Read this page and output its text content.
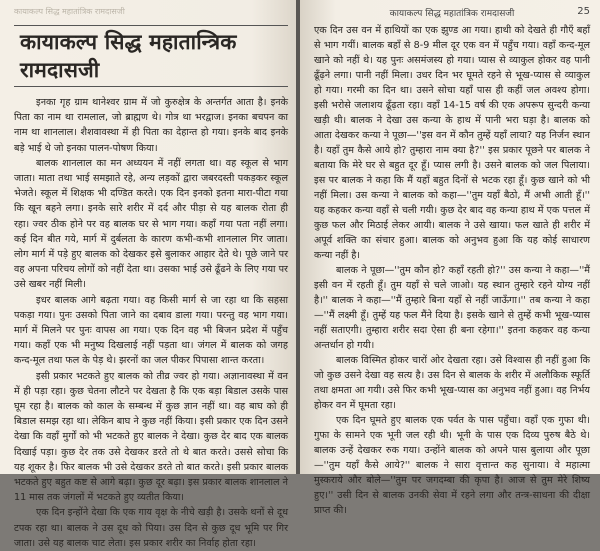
कायाकल्प सिद्ध महातांत्रिक रामदासजी
कायाकल्प सिद्ध महातान्त्रिक रामदासजी

इनका गृह ग्राम थानेश्वर ग्राम में जो कुरुक्षेत्र के अन्तर्गत आता है। इनके पिता का नाम था रामलाल, जो ब्राह्मण थे। गोत्र था भरद्वाज। इनका बचपन का नाम था शानलाल। शैशवावस्था में ही पिता का देहान्त हो गया। इनके बाद इनके बड़े भाई थे जो इनका पालन-पोषण किया।

बालक शानलाल का मन अध्ययन में नहीं लगता था। वह स्कूल से भाग जाता। माता तथा भाई समझाते रहे, अन्य लड़कों द्वारा जबरदस्ती पकड़कर स्कूल भेजते। स्कूल में शिक्षक भी दण्डित करते। एक दिन इनको इतना मारा-पीटा गया कि खून बहने लगा। इनके सारे शरीर में दर्द और पीड़ा से यह बालक रोता ही रहा। ज्वर ठीक होने पर वह बालक घर से भाग गया। कहाँ गया पता नहीं लगा। कई दिन बीत गये, मार्ग में दुर्बलता के कारण कभी-कभी शानलाल गिर जाता। लोग मार्ग में पड़े हुए बालक को देखकर इसे बुलाकर आहार देते थे। पूछे जाने पर वह अपना परिचय लोगों को नहीं देता था। उसका भाई उसे ढूँढने के लिए गया पर उसे खबर नहीं मिली।

इधर बालक आगे बढ़ता गया। वह किसी मार्ग से जा रहा था कि सहसा पकड़ा गया। पुनः उसको पिता जाने का दबाव डाला गया। परन्तु वह भाग गया। मार्ग में मिलने पर पुनः वापस आ गया। एक दिन वह भी बिजन प्रदेश में पहुँच गया। कहाँ एक भी मनुष्य दिखलाई नहीं पड़ता था। जंगल में बालक को जगह कन्द-मूल तथा फल के पेड़ थे। झरनों का जल पीकर पिपासा शान्त करता।

इसी प्रकार भटकते हुए बालक को तीव्र ज्वर हो गया। अज्ञानावस्था में वन में ही पड़ा रहा। कुछ चेतना लौटने पर देखता है कि एक बड़ा बिडाल उसके पास घूम रहा है। बालक को काल के सम्बन्ध में कुछ ज्ञान नहीं था। वह बाघ को ही बिडाल समझ रहा था। लेकिन बाघ ने कुछ नहीं किया। इसी प्रकार एक दिन उसने देखा कि वहाँ मुर्गों को भी भटकते हुए बालक ने देखा। कुछ देर बाद एक बालक दिखाई पड़ा। कुछ देर तक उसे देखकर डरते तो थे बात करते। उससे सोचा कि यह शूकर है। फिर बालक भी उसे देखकर डरते तो बात करते। इसी प्रकार बालक भटकते हुए बहुत कष्ट से आगे बढ़ा। कुछ दूर बढ़ा। इस प्रकार बालक शानलाल ने 11 मास तक जंगलों में भटकते हुए व्यतीत किया।

एक दिन इन्होंने देखा कि एक गाय वृक्ष के नीचे खड़ी है। उसके थनों से दूध टपक रहा था। बालक ने उस दूध को पिया। उस दिन से कुछ दूध भूमि पर गिर जाता। उसे यह बालक चाट लेता। इस प्रकार शरीर का निर्वाह होता रहा।

कायाकल्प सिद्ध महातांत्रिक रामदासजी	25

एक दिन उस वन में हाथियों का एक झुण्ड आ गया। हाथी को देखते ही गौएँ बहाँ से भाग गयीं। बालक बहाँ से 8-9 मील दूर एक वन में पहुँच गया। वहाँ कन्द-मूल खाने को नहीं थे। यह पुनः असमंजस्य हो गया। प्यास से व्याकुल होकर वह पानी ढूँढ़ने लगा। पानी नहीं मिला। उधर दिन भर घूमते रहने से भूख-प्यास से व्याकुल हो गया। गरमी का दिन था। उसने सोचा यहाँ पास ही कहीं जल अवश्य होगा। इसी भरोसे जलाशय ढूँढ़ता रहा। वहाँ 14-15 वर्ष की एक अपरूप सुन्दरी कन्या खड़ी थी। बालक ने देखा उस कन्या के हाथ में पानी भरा घड़ा है। बालक को आता देखकर कन्या ने पूछा—''इस वन में कौन तुम्हें यहाँ लाया? यह निर्जन स्थान है। यहाँ तुम कैसे आये हो? तुम्हारा नाम क्या है?'' इस प्रकार पूछने पर बालक ने बताया कि मेरे घर से बहुत दूर हूँ। प्यास लगी है। उसने बालक को जल पिलाया। इस पर बालक ने कहा कि मैं यहाँ बहुत दिनों से भटक रहा हूँ। कुछ खाने को भी नहीं मिला। उस कन्या ने बालक को कहा—''तुम यहाँ बैठो, मैं अभी आती हूँ।'' यह कहकर कन्या वहाँ से चली गयी। कुछ देर बाद वह कन्या हाथ में एक पत्तल में कुछ फल और मिठाई लेकर आयी। बालक ने उसे खाया। फल खाते ही शरीर में अपूर्व शक्ति का संचार हुआ। बालक को अनुभव हुआ कि यह कोई साधारण कन्या नहीं है।

बालक ने पूछा—''तुम कौन हो? कहाँ रहती हो?'' उस कन्या ने कहा—''मैं इसी वन में रहती हूँ। तुम यहाँ से चले जाओ। यह स्थान तुम्हारे रहने योग्य नहीं है।'' बालक ने कहा—''मैं तुम्हारे बिना यहाँ से नहीं जाऊँगा।'' तब कन्या ने कहा—''मैं लक्ष्मी हूँ। तुम्हें यह फल मैंने दिया है। इसके खाने से तुम्हें कभी भूख-प्यास नहीं सताएगी। तुम्हारा शरीर सदा ऐसा ही बना रहेगा।'' इतना कहकर वह कन्या अन्तर्धान हो गयी।

बालक विस्मित होकर चारों ओर देखता रहा। उसे विश्वास ही नहीं हुआ कि जो कुछ उसने देखा वह सत्य है। उस दिन से बालक के शरीर में अलौकिक स्फूर्ति तथा क्षमता आ गयी। उसे फिर कभी भूख-प्यास का अनुभव नहीं हुआ। वह निर्भय होकर वन में घूमता रहा।

एक दिन घूमते हुए बालक एक पर्वत के पास पहुँचा। वहाँ एक गुफा थी। गुफा के सामने एक भूनी जल रही थी। भूनी के पास एक दिव्य पुरुष बैठे थे। बालक उन्हें देखकर रुक गया। उन्होंने बालक को अपने पास बुलाया और पूछा—''तुम यहाँ कैसे आये?'' बालक ने सारा वृत्तान्त कह सुनाया। वे महात्मा मुस्कराये और बोले—''तुम पर जगदम्बा की कृपा है। आज से तुम मेरे शिष्य हुए।'' उसी दिन से बालक उनकी सेवा में रहने लगा और तन्त्र-साधना की दीक्षा प्राप्त की।
